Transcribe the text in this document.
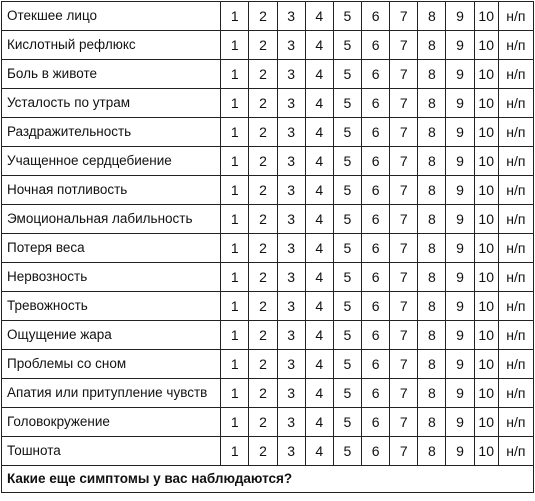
Отекшее лицо	1	2	3	4	5	6	7	8	9	10	н/п
Кислотный рефлюкс	1	2	3	4	5	6	7	8	9	10	н/п
Боль в животе	1	2	3	4	5	6	7	8	9	10	н/п
Усталость по утрам	1	2	3	4	5	6	7	8	9	10	н/п
Раздражительность	1	2	3	4	5	6	7	8	9	10	н/п
Учащенное сердцебиение	1	2	3	4	5	6	7	8	9	10	н/п
Ночная потливость	1	2	3	4	5	6	7	8	9	10	н/п
Эмоциональная лабильность	1	2	3	4	5	6	7	8	9	10	н/п
Потеря веса	1	2	3	4	5	6	7	8	9	10	н/п
Нервозность	1	2	3	4	5	6	7	8	9	10	н/п
Тревожность	1	2	3	4	5	6	7	8	9	10	н/п
Ощущение жара	1	2	3	4	5	6	7	8	9	10	н/п
Проблемы со сном	1	2	3	4	5	6	7	8	9	10	н/п
Апатия или притупление чувств	1	2	3	4	5	6	7	8	9	10	н/п
Головокружение	1	2	3	4	5	6	7	8	9	10	н/п
Тошнота	1	2	3	4	5	6	7	8	9	10	н/п
Какие еще симптомы у вас наблюдаются?											
